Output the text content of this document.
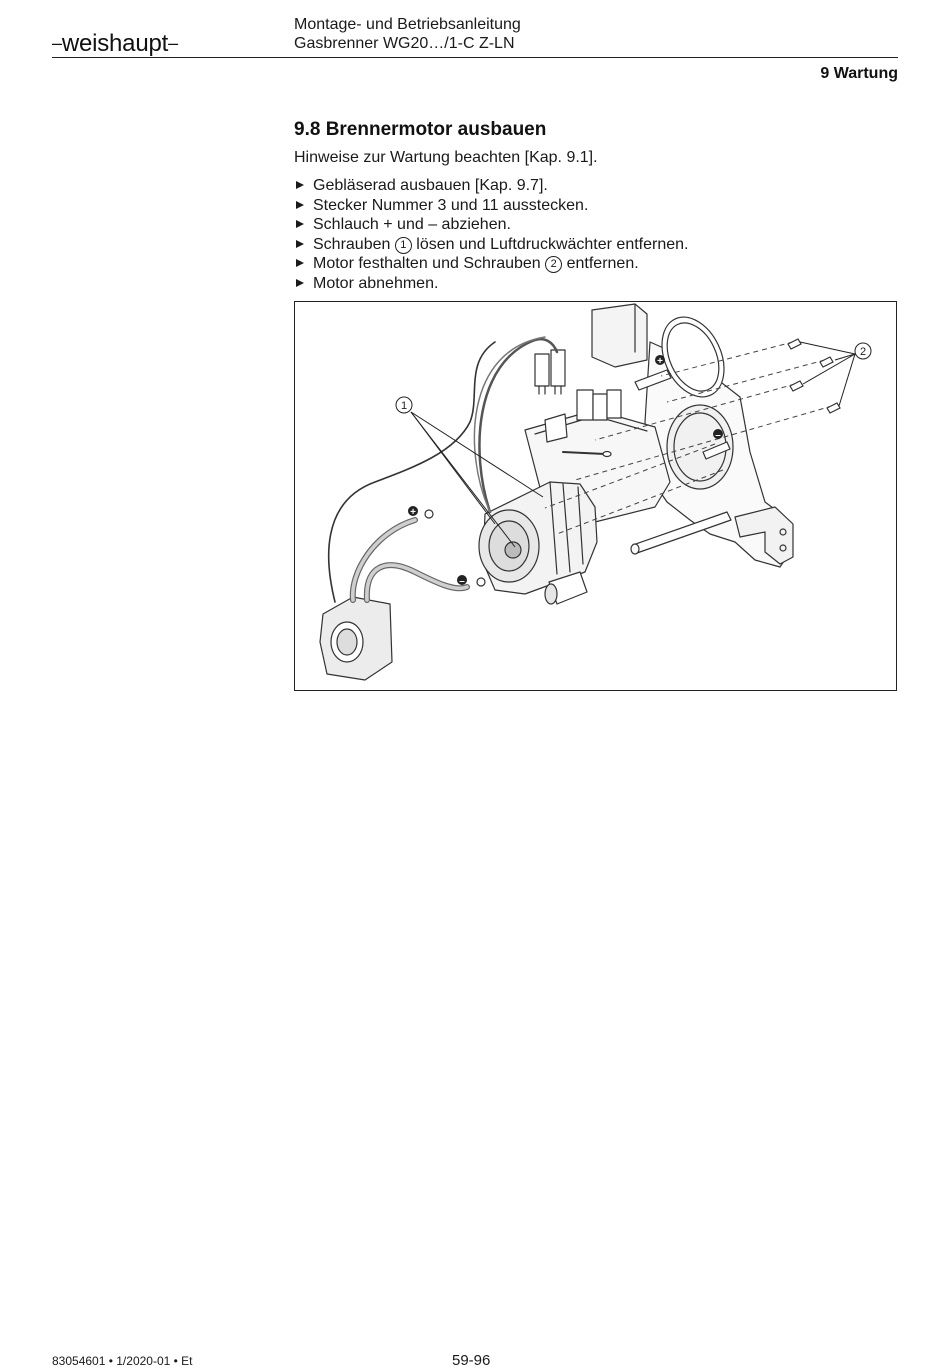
–weishaupt–
Montage- und Betriebsanleitung
Gasbrenner WG20…/1-C Z-LN
9 Wartung
9.8 Brennermotor ausbauen
Hinweise zur Wartung beachten [Kap. 9.1].
Gebläserad ausbauen [Kap. 9.7].
Stecker Nummer 3 und 11 ausstecken.
Schlauch + und – abziehen.
Schrauben 1 lösen und Luftdruckwächter entfernen.
Motor festhalten und Schrauben 2 entfernen.
Motor abnehmen.
1
2
+
–
+
–
83054601 • 1/2020-01 • Et	59-96
